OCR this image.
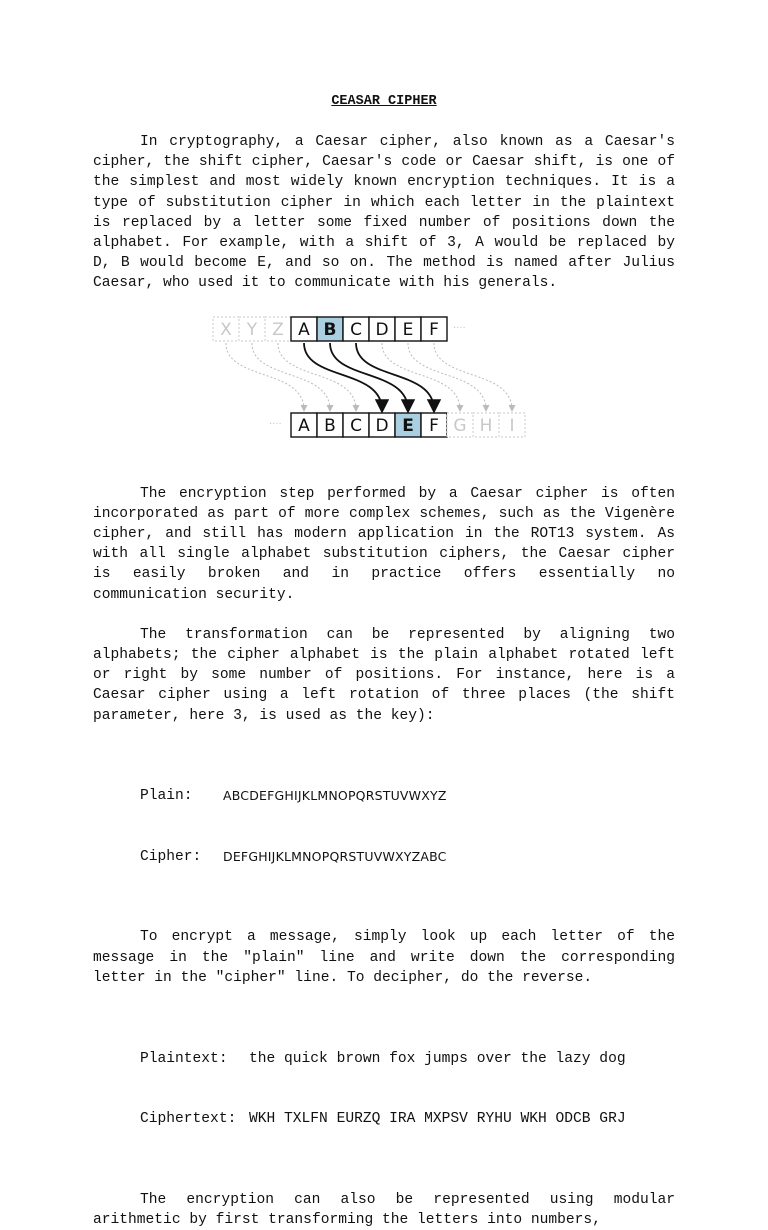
CEASAR CIPHER

In cryptography, a Caesar cipher, also known as a Caesar's cipher, the shift cipher, Caesar's code or Caesar shift, is one of the simplest and most widely known encryption techniques. It is a type of substitution cipher in which each letter in the plaintext is replaced by a letter some fixed number of positions down the alphabet. For example, with a shift of 3, A would be replaced by D, B would become E, and so on. The method is named after Julius Caesar, who used it to communicate with his generals.

X Y Z A B C D E F ····
···· A B C D E F G H I

The encryption step performed by a Caesar cipher is often incorporated as part of more complex schemes, such as the Vigenère cipher, and still has modern application in the ROT13 system. As with all single alphabet substitution ciphers, the Caesar cipher is easily broken and in practice offers essentially no communication security.

The transformation can be represented by aligning two alphabets; the cipher alphabet is the plain alphabet rotated left or right by some number of positions. For instance, here is a Caesar cipher using a left rotation of three places (the shift parameter, here 3, is used as the key):

Plain:	ABCDEFGHIJKLMNOPQRSTUVWXYZ

Cipher:	DEFGHIJKLMNOPQRSTUVWXYZABC

To encrypt a message, simply look up each letter of the message in the "plain" line and write down the corresponding letter in the "cipher" line. To decipher, do the reverse.

Plaintext:	the quick brown fox jumps over the lazy dog

Ciphertext: WKH TXLFN EURZQ IRA MXPSV RYHU WKH ODCB GRJ

The encryption can also be represented using modular arithmetic by first transforming the letters into numbers,
